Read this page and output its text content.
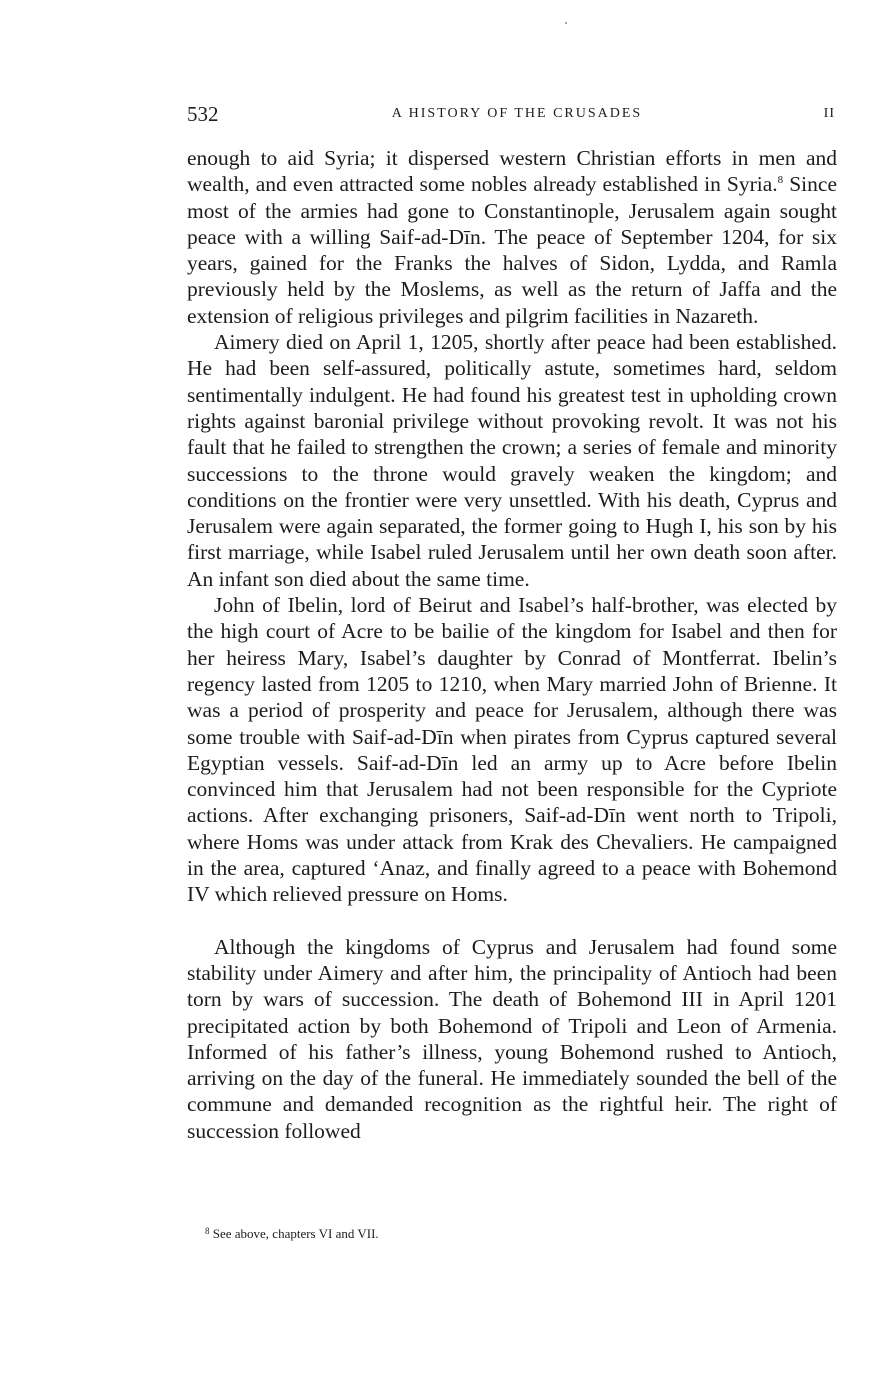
532	A HISTORY OF THE CRUSADES	II

enough to aid Syria; it dispersed western Christian efforts in men and wealth, and even attracted some nobles already established in Syria.$^8$ Since most of the armies had gone to Constantinople, Jerusalem again sought peace with a willing Saif-ad-Dīn. The peace of September 1204, for six years, gained for the Franks the halves of Sidon, Lydda, and Ramla previously held by the Moslems, as well as the return of Jaffa and the extension of religious privileges and pilgrim facilities in Nazareth.

Aimery died on April 1, 1205, shortly after peace had been established. He had been self-assured, politically astute, sometimes hard, seldom sentimentally indulgent. He had found his greatest test in upholding crown rights against baronial privilege without provoking revolt. It was not his fault that he failed to strengthen the crown; a series of female and minority successions to the throne would gravely weaken the kingdom; and conditions on the frontier were very unsettled. With his death, Cyprus and Jerusalem were again separated, the former going to Hugh I, his son by his first marriage, while Isabel ruled Jerusalem until her own death soon after. An infant son died about the same time.

John of Ibelin, lord of Beirut and Isabel’s half-brother, was elected by the high court of Acre to be bailie of the kingdom for Isabel and then for her heiress Mary, Isabel’s daughter by Conrad of Montferrat. Ibelin’s regency lasted from 1205 to 1210, when Mary married John of Brienne. It was a period of prosperity and peace for Jerusalem, although there was some trouble with Saif-ad-Dīn when pirates from Cyprus captured several Egyptian vessels. Saif-ad-Dīn led an army up to Acre before Ibelin convinced him that Jerusalem had not been responsible for the Cypriote actions. After exchanging prisoners, Saif-ad-Dīn went north to Tripoli, where Homs was under attack from Krak des Chevaliers. He campaigned in the area, captured ‘Anaz, and finally agreed to a peace with Bohemond IV which relieved pressure on Homs.

Although the kingdoms of Cyprus and Jerusalem had found some stability under Aimery and after him, the principality of Antioch had been torn by wars of succession. The death of Bohemond III in April 1201 precipitated action by both Bohemond of Tripoli and Leon of Armenia. Informed of his father’s illness, young Bohemond rushed to Antioch, arriving on the day of the funeral. He immediately sounded the bell of the commune and demanded recognition as the rightful heir. The right of succession followed

$^8$ See above, chapters VI and VII.
